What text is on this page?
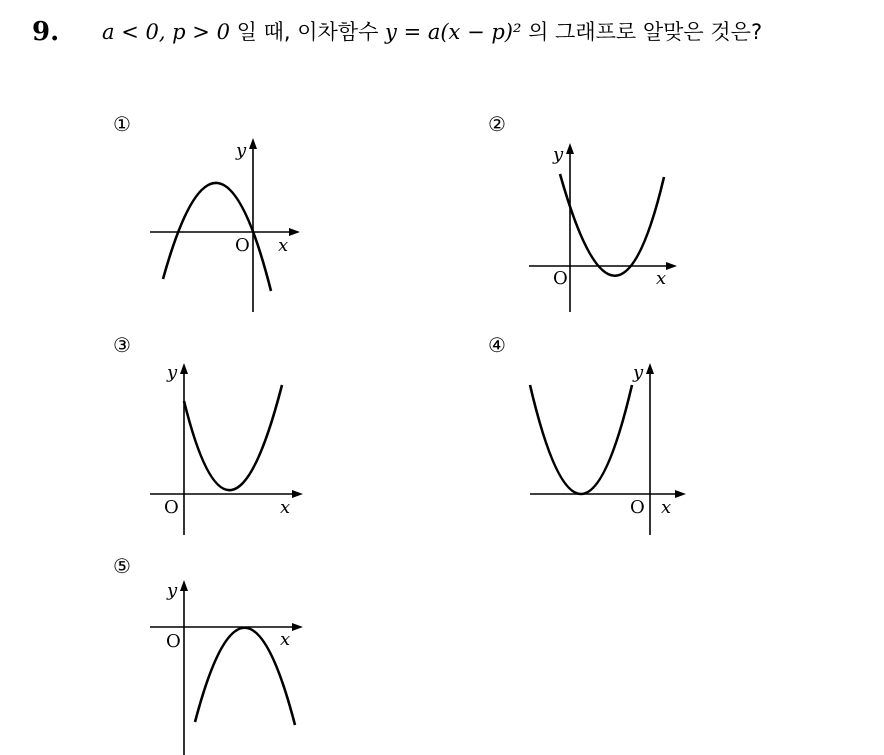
9. a < 0, p > 0 일 때, 이차함수 y = a(x − p)² 의 그래프로 알맞은 것은?
①
y
O x
②
y
O	x
③
y
O	x
④
y
O x
⑤
y
O	x
